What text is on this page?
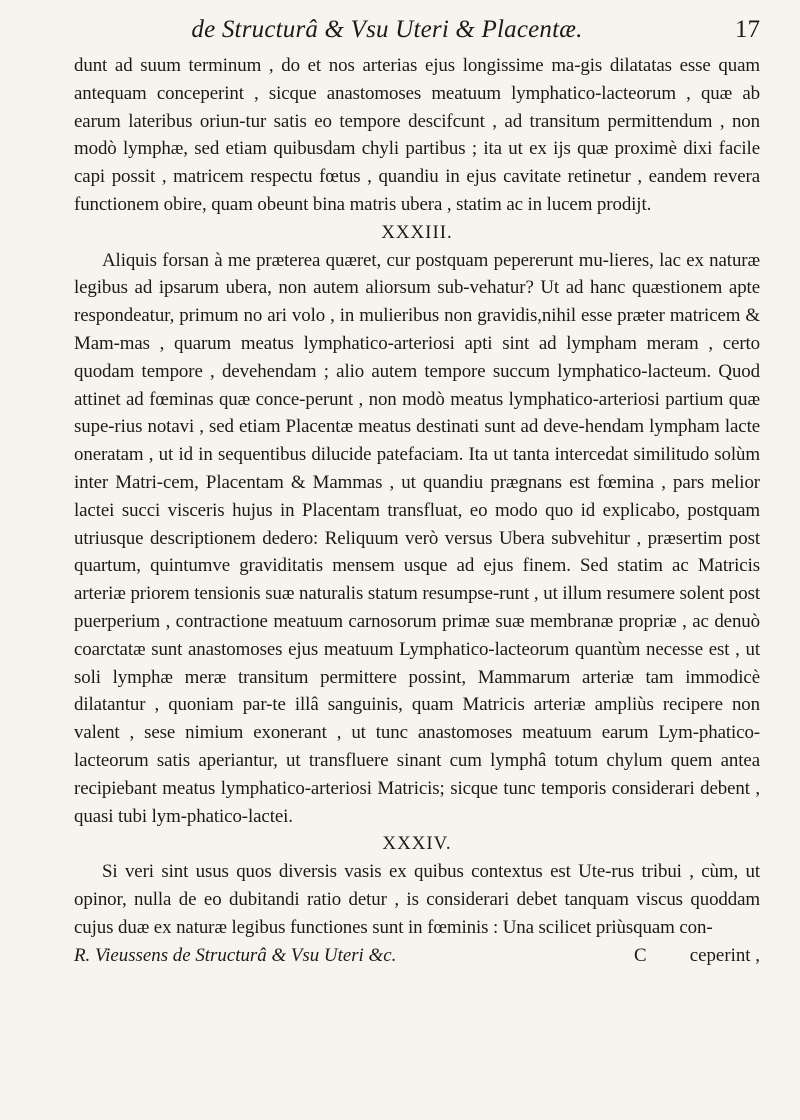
de Structurâ & Vsu Uteri & Placentæ.	17

dunt ad suum terminum , do et nos arterias ejus longissime ma-gis dilatatas esse quam antequam conceperint , sicque anastomoses meatuum lymphatico-lacteorum , quæ ab earum lateribus oriun-tur satis eo tempore descifcunt , ad transitum permittendum , non modò lymphæ, sed etiam quibusdam chyli partibus ; ita ut ex ijs quæ proximè dixi facile capi possit , matricem respectu fœtus , quandiu in ejus cavitate retinetur , eandem revera functionem obire, quam obeunt bina matris ubera , statim ac in lucem prodijt.

XXXIII.

Aliquis forsan à me præterea quæret, cur postquam pepererunt mu-lieres, lac ex naturæ legibus ad ipsarum ubera, non autem aliorsum sub-vehatur? Ut ad hanc quæstionem apte respondeatur, primum no ari volo , in mulieribus non gravidis,nihil esse præter matricem & Mam-mas , quarum meatus lymphatico-arteriosi apti sint ad lympham meram , certo quodam tempore , devehendam ; alio autem tempore succum lymphatico-lacteum. Quod attinet ad fœminas quæ conce-perunt , non modò meatus lymphatico-arteriosi partium quæ supe-rius notavi , sed etiam Placentæ meatus destinati sunt ad deve-hendam lympham lacte oneratam , ut id in sequentibus dilucide patefaciam. Ita ut tanta intercedat similitudo solùm inter Matri-cem, Placentam & Mammas , ut quandiu prægnans est fœmina , pars melior lactei succi visceris hujus in Placentam transfluat, eo modo quo id explicabo, postquam utriusque descriptionem dedero: Reliquum verò versus Ubera subvehitur , præsertim post quartum, quintumve graviditatis mensem usque ad ejus finem. Sed statim ac Matricis arteriæ priorem tensionis suæ naturalis statum resumpse-runt , ut illum resumere solent post puerperium , contractione meatuum carnosorum primæ suæ membranæ propriæ , ac denuò coarctatæ sunt anastomoses ejus meatuum Lymphatico-lacteorum quantùm necesse est , ut soli lymphæ meræ transitum permittere possint, Mammarum arteriæ tam immodicè dilatantur , quoniam par-te illâ sanguinis, quam Matricis arteriæ ampliùs recipere non valent , sese nimium exonerant , ut tunc anastomoses meatuum earum Lym-phatico-lacteorum satis aperiantur, ut transfluere sinant cum lymphâ totum chylum quem antea recipiebant meatus lymphatico-arteriosi Matricis; sicque tunc temporis considerari debent , quasi tubi lym-phatico-lactei.

XXXIV.

Si veri sint usus quos diversis vasis ex quibus contextus est Ute-rus tribui , cùm, ut opinor, nulla de eo dubitandi ratio detur , is considerari debet tanquam viscus quoddam cujus duæ ex naturæ legibus functiones sunt in fœminis : Una scilicet priùsquam con-

R. Vieussens de Structurâ & Vsu Uteri &c.	C ceperint ,
